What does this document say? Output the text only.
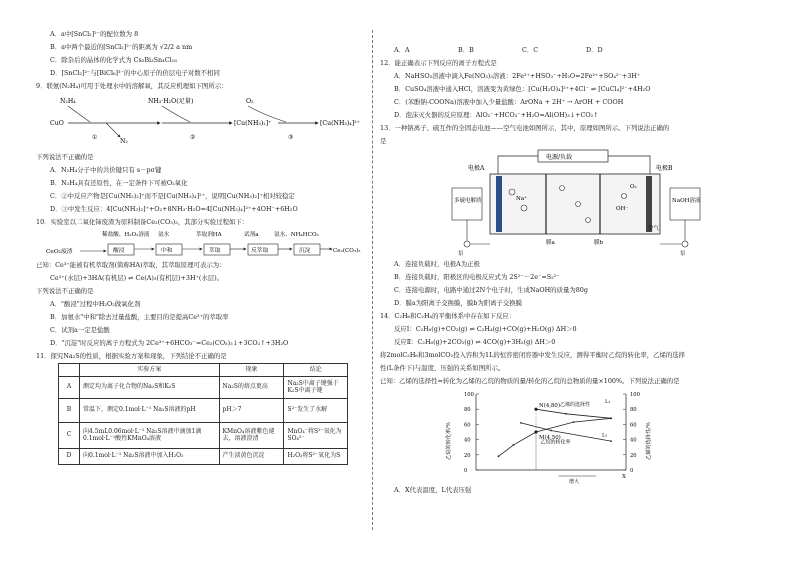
A．a中[SnCl₂]²⁻的配位数为 8
B．a中两个最近的[SnCl₂]²⁻的距离为 √2/2 a nm
C．除杂后的晶体的化学式为 Cs₂Bi₃Sn₄Cl₁₈
D．[SnCl₂]²⁻与[BiCl₆]³⁻的中心原子的价层电子对数不相同
9．联氨(N₂H₄)可用于处理水中的溶解氧，其反应机理如下图所示：
N₂H₄	NH₃·H₂O(足量)	O₂
CuO
N₂
①	②
[Cu(NH₃)₂]⁺
③
[Cu(NH₃)₄]²⁺
下列说法不正确的是
A．N₂H₄分子中的共价键只有 s－pσ键
B．N₂H₄具有还原性，在一定条件下可被O₂氧化
C．②中反应产物是[Cu(NH₃)₂]⁺而不是[Cu(NH₃)₄]²⁺，说明[Cu(NH₃)₂]⁺相对较稳定
D．③中发生反应：4[Cu(NH₃)₂]⁺+O₂+8NH₃·H₂O=4[Cu(NH₃)₄]²⁺+4OH⁻+6H₂O
10．实验室以二氧化铈废渣为原料制备Ce₂(CO₃)₃，其部分实验过程如下：
稀盐酸、H₂O₂溶液 氨水	萃取剂HA	试剂a	氨水、NH₄HCO₃
CeO₂废渣	酸浸	中和	萃取	反萃取	沉淀	Ce₂(CO₃)₃
已知：Ce³⁺能被有机萃取剂(简称HA)萃取，其萃取原理可表示为：
Ce³⁺(水层)+3HA(有机层) ⇌ Ce(A)₃(有机层)+3H⁺(水层)。
下列说法不正确的是
A．"酸浸"过程中H₂O₂做氧化剂
B．加氨水"中和"除去过量盐酸，主要目的是提高Ce³⁺的萃取率
C．试剂a一定是盐酸
D．"沉淀"时反应的离子方程式为 2Ce³⁺+6HCO₃⁻=Ce₂(CO₃)₃↓+3CO₂↑+3H₂O
11．探究Na₂S的性质，根据实验方案和现象，下列结论不正确的是
	实验方案	现象	结论
A	测定均为离子化合物的Na₂S和K₂S	Na₂S的熔点更高	Na₂S中离子键强于K₂S中离子键
B	常温下，测定0.1mol·L⁻¹ Na₂S溶液的pH	pH＞7	S²⁻发生了水解
C	向4.5mL0.06mol·L⁻¹ Na₂S溶液中滴加1滴0.1mol·L⁻¹酸性KMnO₄溶液	KMnO₄溶液紫色褪去，溶液澄清	MnO₄⁻将S²⁻氧化为SO₄²⁻
D	向0.1mol·L⁻¹ Na₂S溶液中加入H₂O₂	产生淡黄色沉淀	H₂O₂将S²⁻氧化为S
A．A	B．B	C．C	D．D
12．能正确表示下列反应的离子方程式是
A．NaHSO₃溶液中滴入Fe(NO₃)₃溶液：2Fe³⁺+HSO₃⁻+H₂O=2Fe²⁺+SO₄²⁻+3H⁺
B．CuSO₄溶液中通入HCl，溶液变为黄绿色：[Cu(H₂O)₄]²⁺+4Cl⁻ ⇌ [CuCl₄]²⁻+4H₂O
C．(苯酚钠-COONa)溶液中加入少量盐酸：ArONa + 2H⁺ → ArOH + COOH
D．泡沫灭火器的反应原理：AlO₂⁻+HCO₃⁻+H₂O=Al(OH)₃↓+CO₂↑
13．一种钠离子、硫互作的全固态电池——空气电池如图所示，其中，原理如图所示。下列说法正确的
是
电源/负载
电极A	电极B
Na⁺
OH⁻
O₂
多硫电解质	NaOH溶液
空气
泵	泵
膜a	膜b
A．连接负载时，电极A为正极
B．连接负载时，阳极区的电极反应式为 2S²⁻－2e⁻=S₂²⁻
C．连接电源时，电路中通过2N个电子时，生成NaOH的质量为80g
D．膜a为阳离子交换膜，膜b为阳离子交换膜
14．C₂H₆和C₂H₄的平衡体系中存在如下反应：
反应Ⅰ：C₂H₆(g)+CO₂(g) ⇌ C₂H₄(g)+CO(g)+H₂O(g) ΔH＞0
反应Ⅱ：C₂H₆(g)+2CO₂(g) ⇌ 4CO(g)+3H₂(g) ΔH＞0
将2molC₂H₆和3molCO₂投入容积为1L的恒容密闭容器中发生反应，测得平衡时乙烷的转化率，乙烯的选择
性(L条件下)与温度、压强的关系如图所示。
已知：乙烯的选择性=转化为乙烯的乙烷的物质的量/转化的乙烷的总物质的量×100%。下列说法正确的是
0
20
40
60
80
100
0
20
40
60
80
100
乙烷的转化率/%	乙烯的选择性/%
X
增大
N(4,80)
M(4,50)
乙烯的选择性
L₁
乙烷的转化率
L₂
A．X代表温度，L代表压强
